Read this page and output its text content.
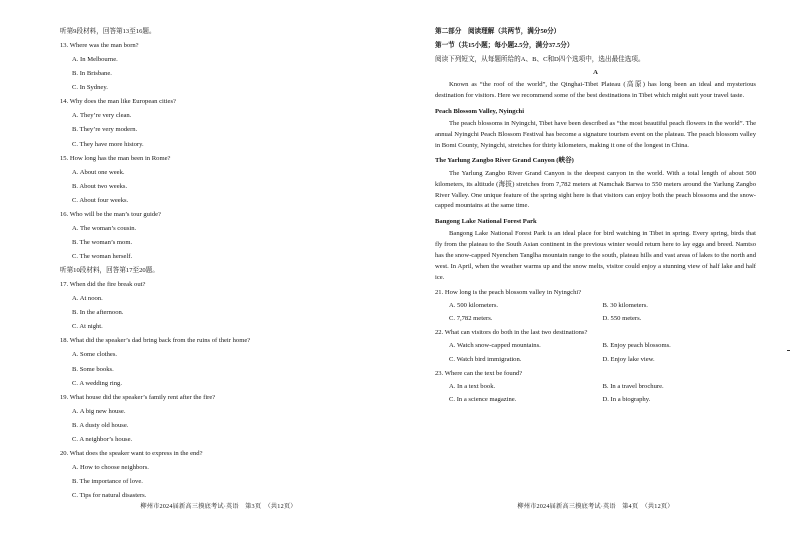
听第9段材料，回答第13至16题。
13. Where was the man born?
A. In Melbourne.
B. In Brisbane.
C. In Sydney.
14. Why does the man like European cities?
A. They’re very clean.
B. They’re very modern.
C. They have more history.
15. How long has the man been in Rome?
A. About one week.
B. About two weeks.
C. About four weeks.
16. Who will be the man’s tour guide?
A. The woman’s cousin.
B. The woman’s mom.
C. The woman herself.
听第10段材料，回答第17至20题。
17. When did the fire break out?
A. At noon.
B. In the afternoon.
C. At night.
18. What did the speaker’s dad bring back from the ruins of their home?
A. Some clothes.
B. Some books.
C. A wedding ring.
19. What house did the speaker’s family rent after the fire?
A. A big new house.
B. A dusty old house.
C. A neighbor’s house.
20. What does the speaker want to express in the end?
A. How to choose neighbors.
B. The importance of love.
C. Tips for natural disasters.
柳州市2024届新高三摸底考试·英语　第3页　（共12页）
第二部分　阅读理解（共两节，满分50分）
第一节（共15小题；每小题2.5分，满分37.5分）
阅读下列短文，从每题所给的A、B、C和D四个选项中，选出最佳选项。
A
Known as “the roof of the world”, the Qinghai-Tibet Plateau (高原) has long been an ideal and mysterious destination for visitors. Here we recommend some of the best destinations in Tibet which might suit your travel taste.
Peach Blossom Valley, Nyingchi
The peach blossoms in Nyingchi, Tibet have been described as “the most beautiful peach flowers in the world”. The annual Nyingchi Peach Blossom Festival has become a signature tourism event on the plateau. The peach blossom valley in Bomi County, Nyingchi, stretches for thirty kilometers, making it one of the longest in China.
The Yarlung Zangbo River Grand Canyon (峡谷)
The Yarlung Zangbo River Grand Canyon is the deepest canyon in the world. With a total length of about 500 kilometers, its altitude (海拔) stretches from 7,782 meters at Namchak Barwa to 550 meters around the Yarlung Zangbo River Valley. One unique feature of the spring sight here is that visitors can enjoy both the peach blossoms and the snow-capped mountains at the same time.
Bangong Lake National Forest Park
Bangong Lake National Forest Park is an ideal place for bird watching in Tibet in spring. Every spring, birds that fly from the plateau to the South Asian continent in the previous winter would return here to lay eggs and breed. Namtso has the snow-capped Nyenchen Tanglha mountain range to the south, plateau hills and vast areas of lakes to the north and west. In April, when the weather warms up and the snow melts, visitor could enjoy a stunning view of half lake and half ice.
21. How long is the peach blossom valley in Nyingchi?
A. 500 kilometers.	B. 30 kilometers.
C. 7,782 meters.	D. 550 meters.
22. What can visitors do both in the last two destinations?
A. Watch snow-capped mountains.	B. Enjoy peach blossoms.
C. Watch bird immigration.	D. Enjoy lake view.
23. Where can the text be found?
A. In a text book.	B. In a travel brochure.
C. In a science magazine.	D. In a biography.
柳州市2024届新高三摸底考试·英语　第4页　（共12页）
